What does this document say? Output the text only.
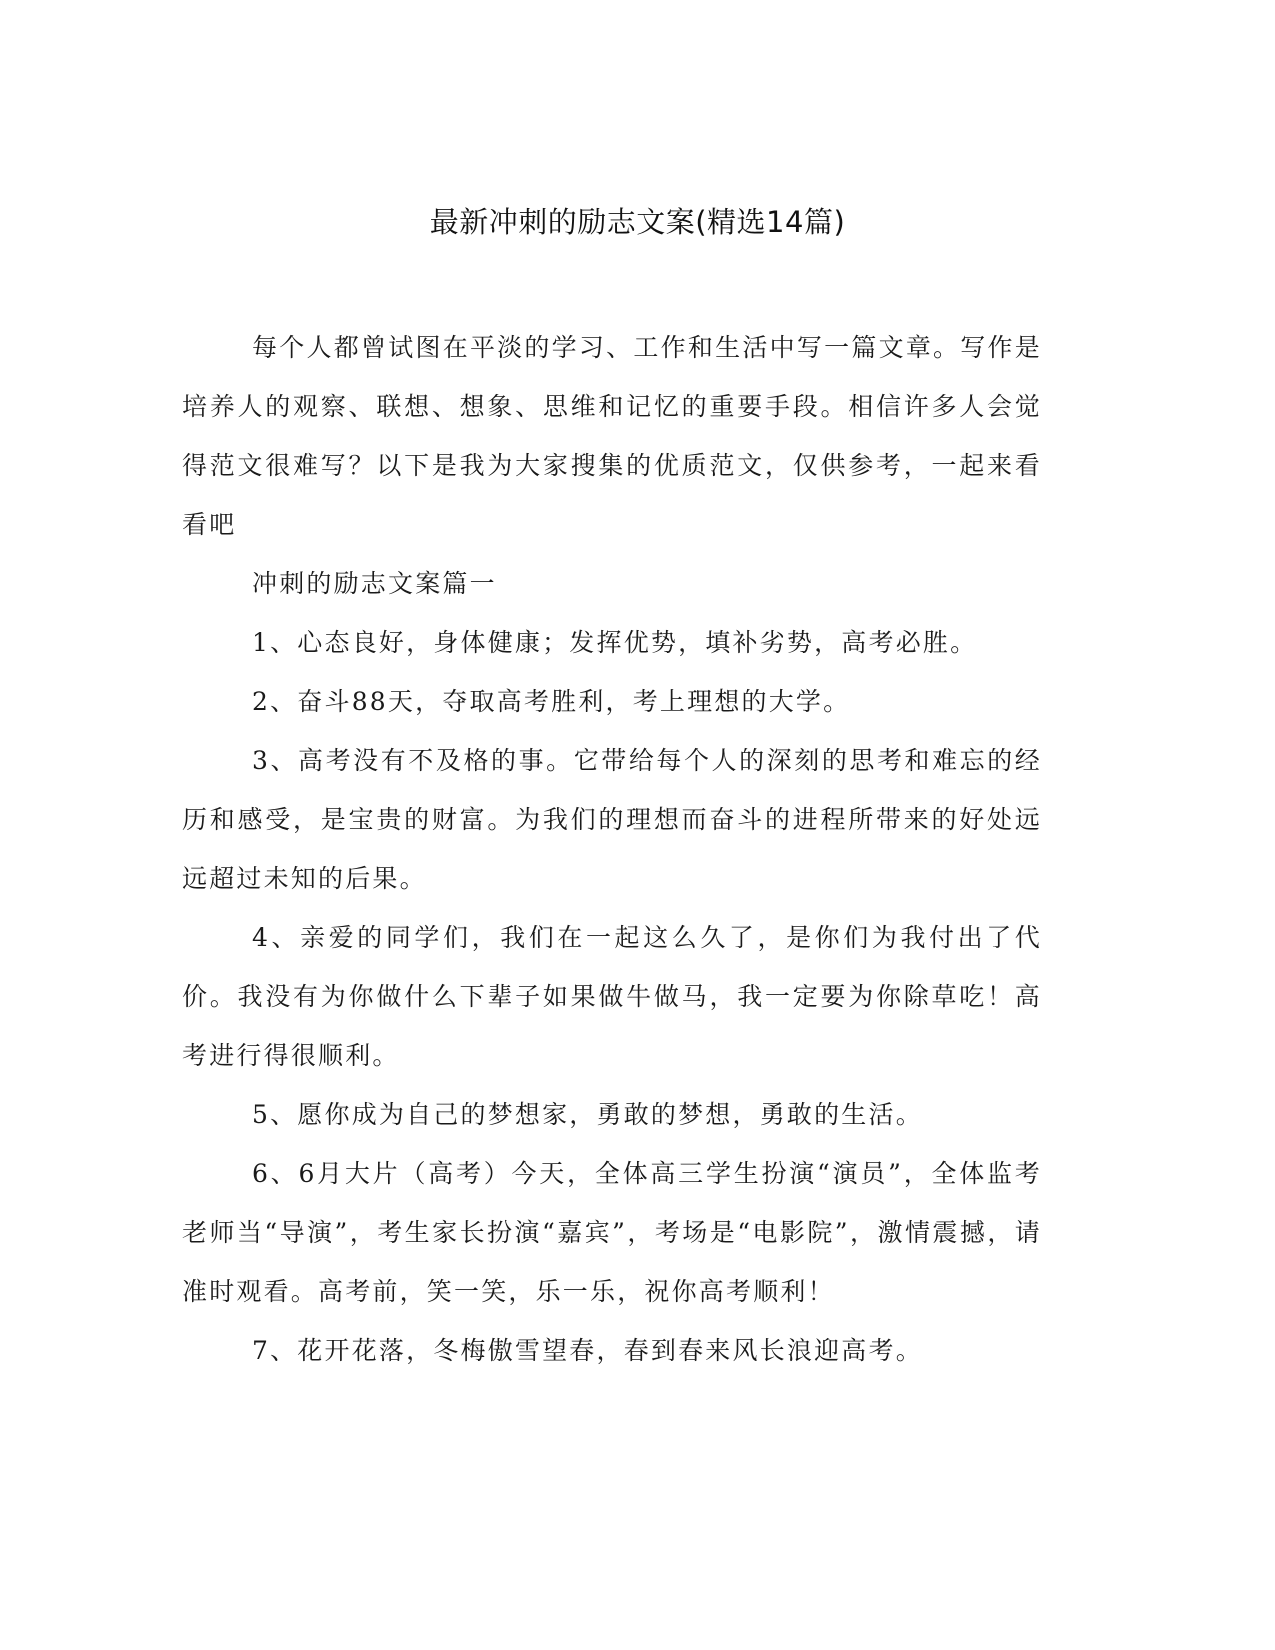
最新冲刺的励志文案(精选14篇)

每个人都曾试图在平淡的学习、工作和生活中写一篇文章。写作是培养人的观察、联想、想象、思维和记忆的重要手段。相信许多人会觉得范文很难写？以下是我为大家搜集的优质范文，仅供参考，一起来看看吧

冲刺的励志文案篇一

1、心态良好，身体健康；发挥优势，填补劣势，高考必胜。

2、奋斗88天，夺取高考胜利，考上理想的大学。

3、高考没有不及格的事。它带给每个人的深刻的思考和难忘的经历和感受，是宝贵的财富。为我们的理想而奋斗的进程所带来的好处远远超过未知的后果。

4、亲爱的同学们，我们在一起这么久了，是你们为我付出了代价。我没有为你做什么下辈子如果做牛做马，我一定要为你除草吃！高考进行得很顺利。

5、愿你成为自己的梦想家，勇敢的梦想，勇敢的生活。

6、6月大片（高考）今天，全体高三学生扮演“演员”，全体监考老师当“导演”，考生家长扮演“嘉宾”，考场是“电影院”，激情震撼，请准时观看。高考前，笑一笑，乐一乐，祝你高考顺利！

7、花开花落，冬梅傲雪望春，春到春来风长浪迎高考。
